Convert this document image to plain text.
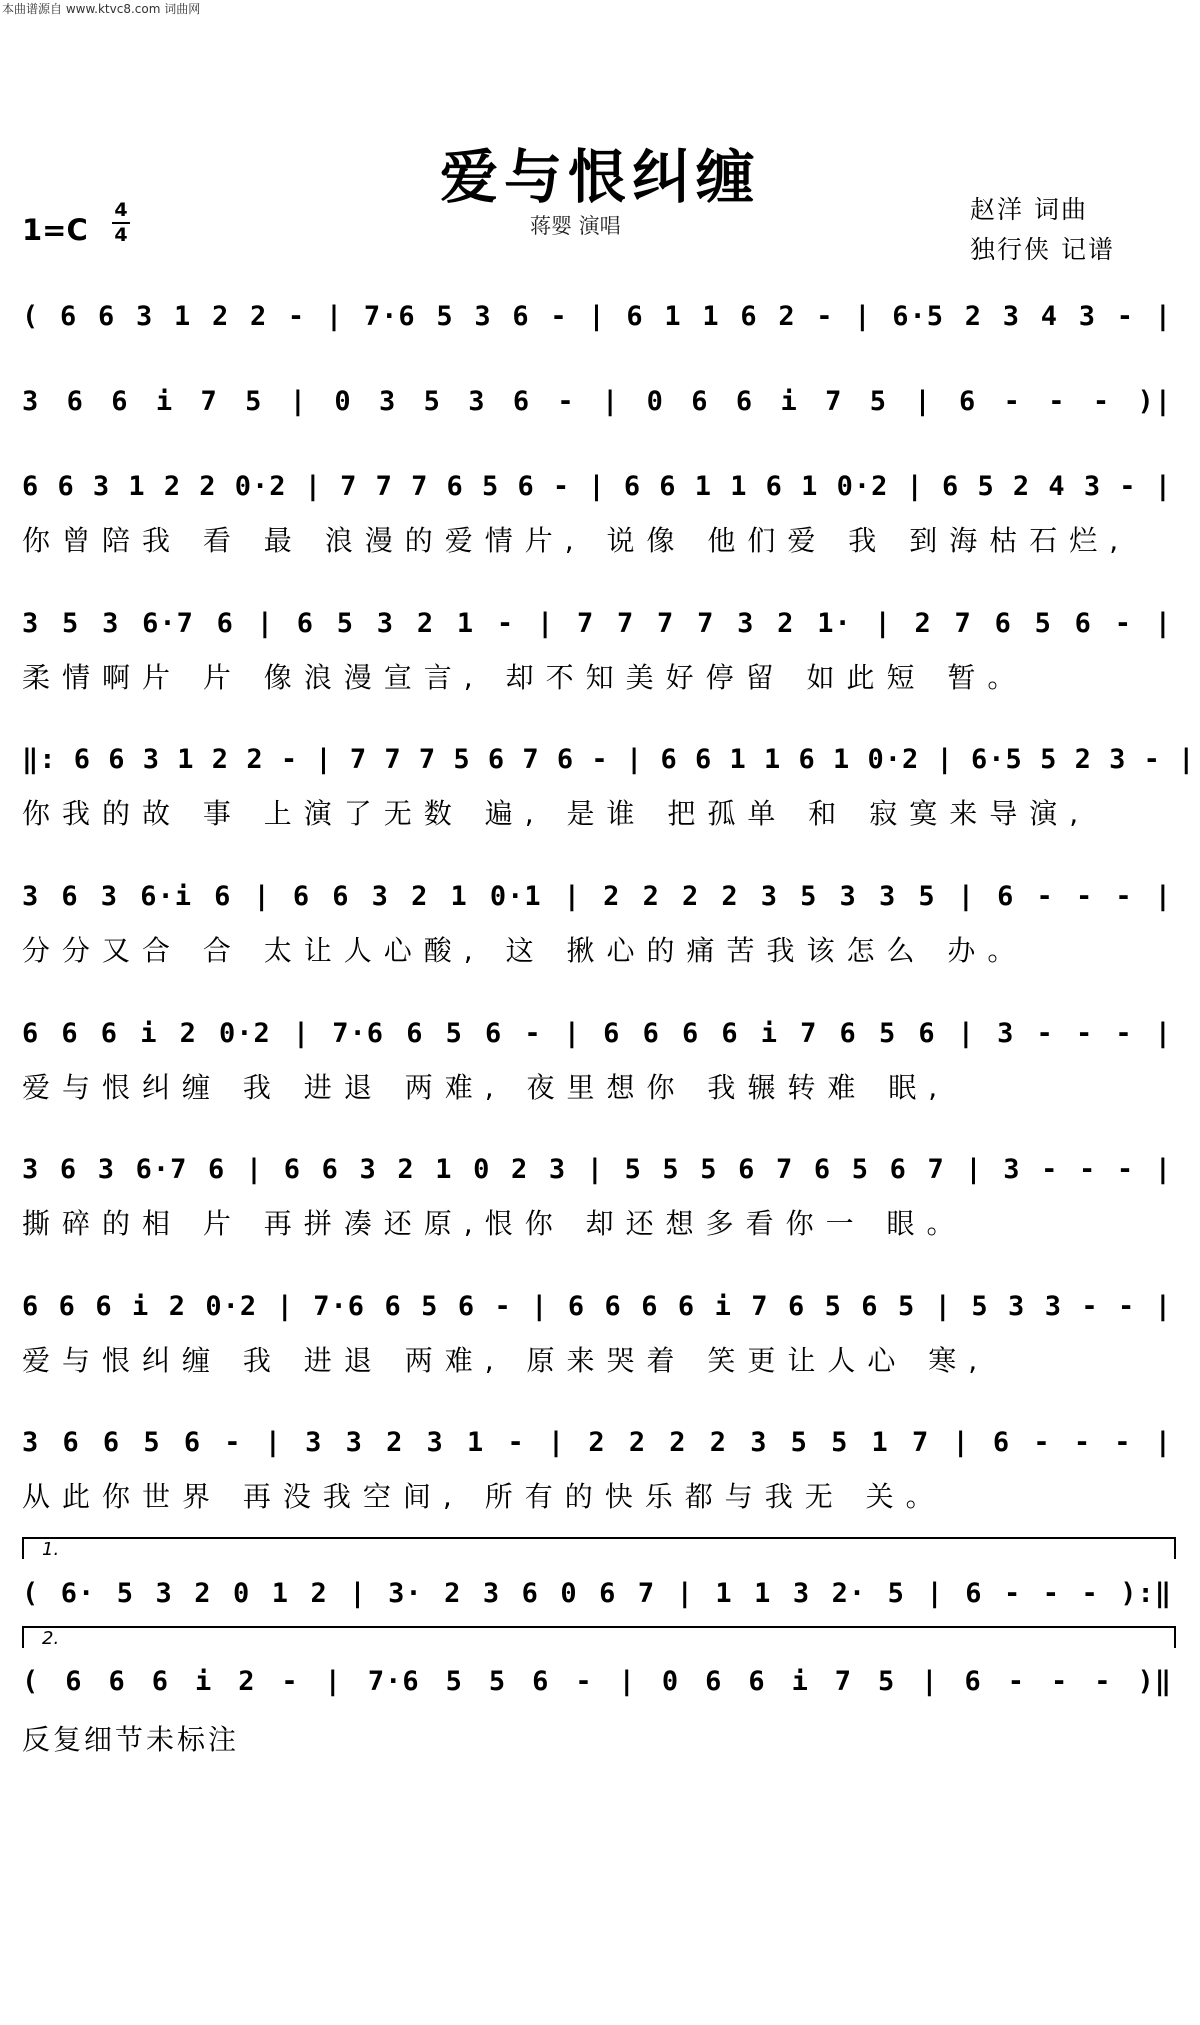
本曲谱源自 www.ktvc8.com 词曲网
爱与恨纠缠
蒋婴 演唱
赵洋 词曲
独行侠 记谱
1=C
4
4
( 6 6 3 1 2 2 - | 7·6 5 3 6 - | 6 1 1 6 2 - | 6·5 2 3 4 3 - |
3 6 6 i 7 5 | 0 3 5 3 6 - | 0 6 6 i 7 5 | 6 - - - )|
6 6 3 1 2 2 0·2 | 7 7 7 6 5 6 - | 6 6 1 1 6 1 0·2 | 6 5 2 4 3 - |
你曾陪我 看 最 浪漫的爱情片, 说像 他们爱 我 到海枯石烂,
3 5 3 6·7 6 | 6 5 3 2 1 - | 7 7 7 7 3 2 1· | 2 7 6 5 6 - |
柔情啊片 片 像浪漫宣言, 却不知美好停留 如此短 暂。
‖: 6 6 3 1 2 2 - | 7 7 7 5 6 7 6 - | 6 6 1 1 6 1 0·2 | 6·5 5 2 3 - |
你我的故 事 上演了无数 遍, 是谁 把孤单 和 寂寞来导演,
3 6 3 6·i 6 | 6 6 3 2 1 0·1 | 2 2 2 2 3 5 3 3 5 | 6 - - - |
分分又合 合 太让人心酸, 这 揪心的痛苦我该怎么 办。
6 6 6 i 2 0·2 | 7·6 6 5 6 - | 6 6 6 6 i 7 6 5 6 | 3 - - - |
爱与恨纠缠 我 进退 两难, 夜里想你 我辗转难 眠,
3 6 3 6·7 6 | 6 6 3 2 1 0 2 3 | 5 5 5 6 7 6 5 6 7 | 3 - - - |
撕碎的相 片 再拼凑还原,恨你 却还想多看你一 眼。
6 6 6 i 2 0·2 | 7·6 6 5 6 - | 6 6 6 6 i 7 6 5 6 5 | 5 3 3 - - |
爱与恨纠缠 我 进退 两难, 原来哭着 笑更让人心 寒,
3 6 6 5 6 - | 3 3 2 3 1 - | 2 2 2 2 3 5 5 1 7 | 6 - - - |
从此你世界 再没我空间, 所有的快乐都与我无 关。
1.
( 6· 5 3 2 0 1 2 | 3· 2 3 6 0 6 7 | 1 1 3 2· 5 | 6 - - - ):‖
2.
( 6 6 6 i 2 - | 7·6 5 5 6 - | 0 6 6 i 7 5 | 6 - - - )‖
反复细节未标注
